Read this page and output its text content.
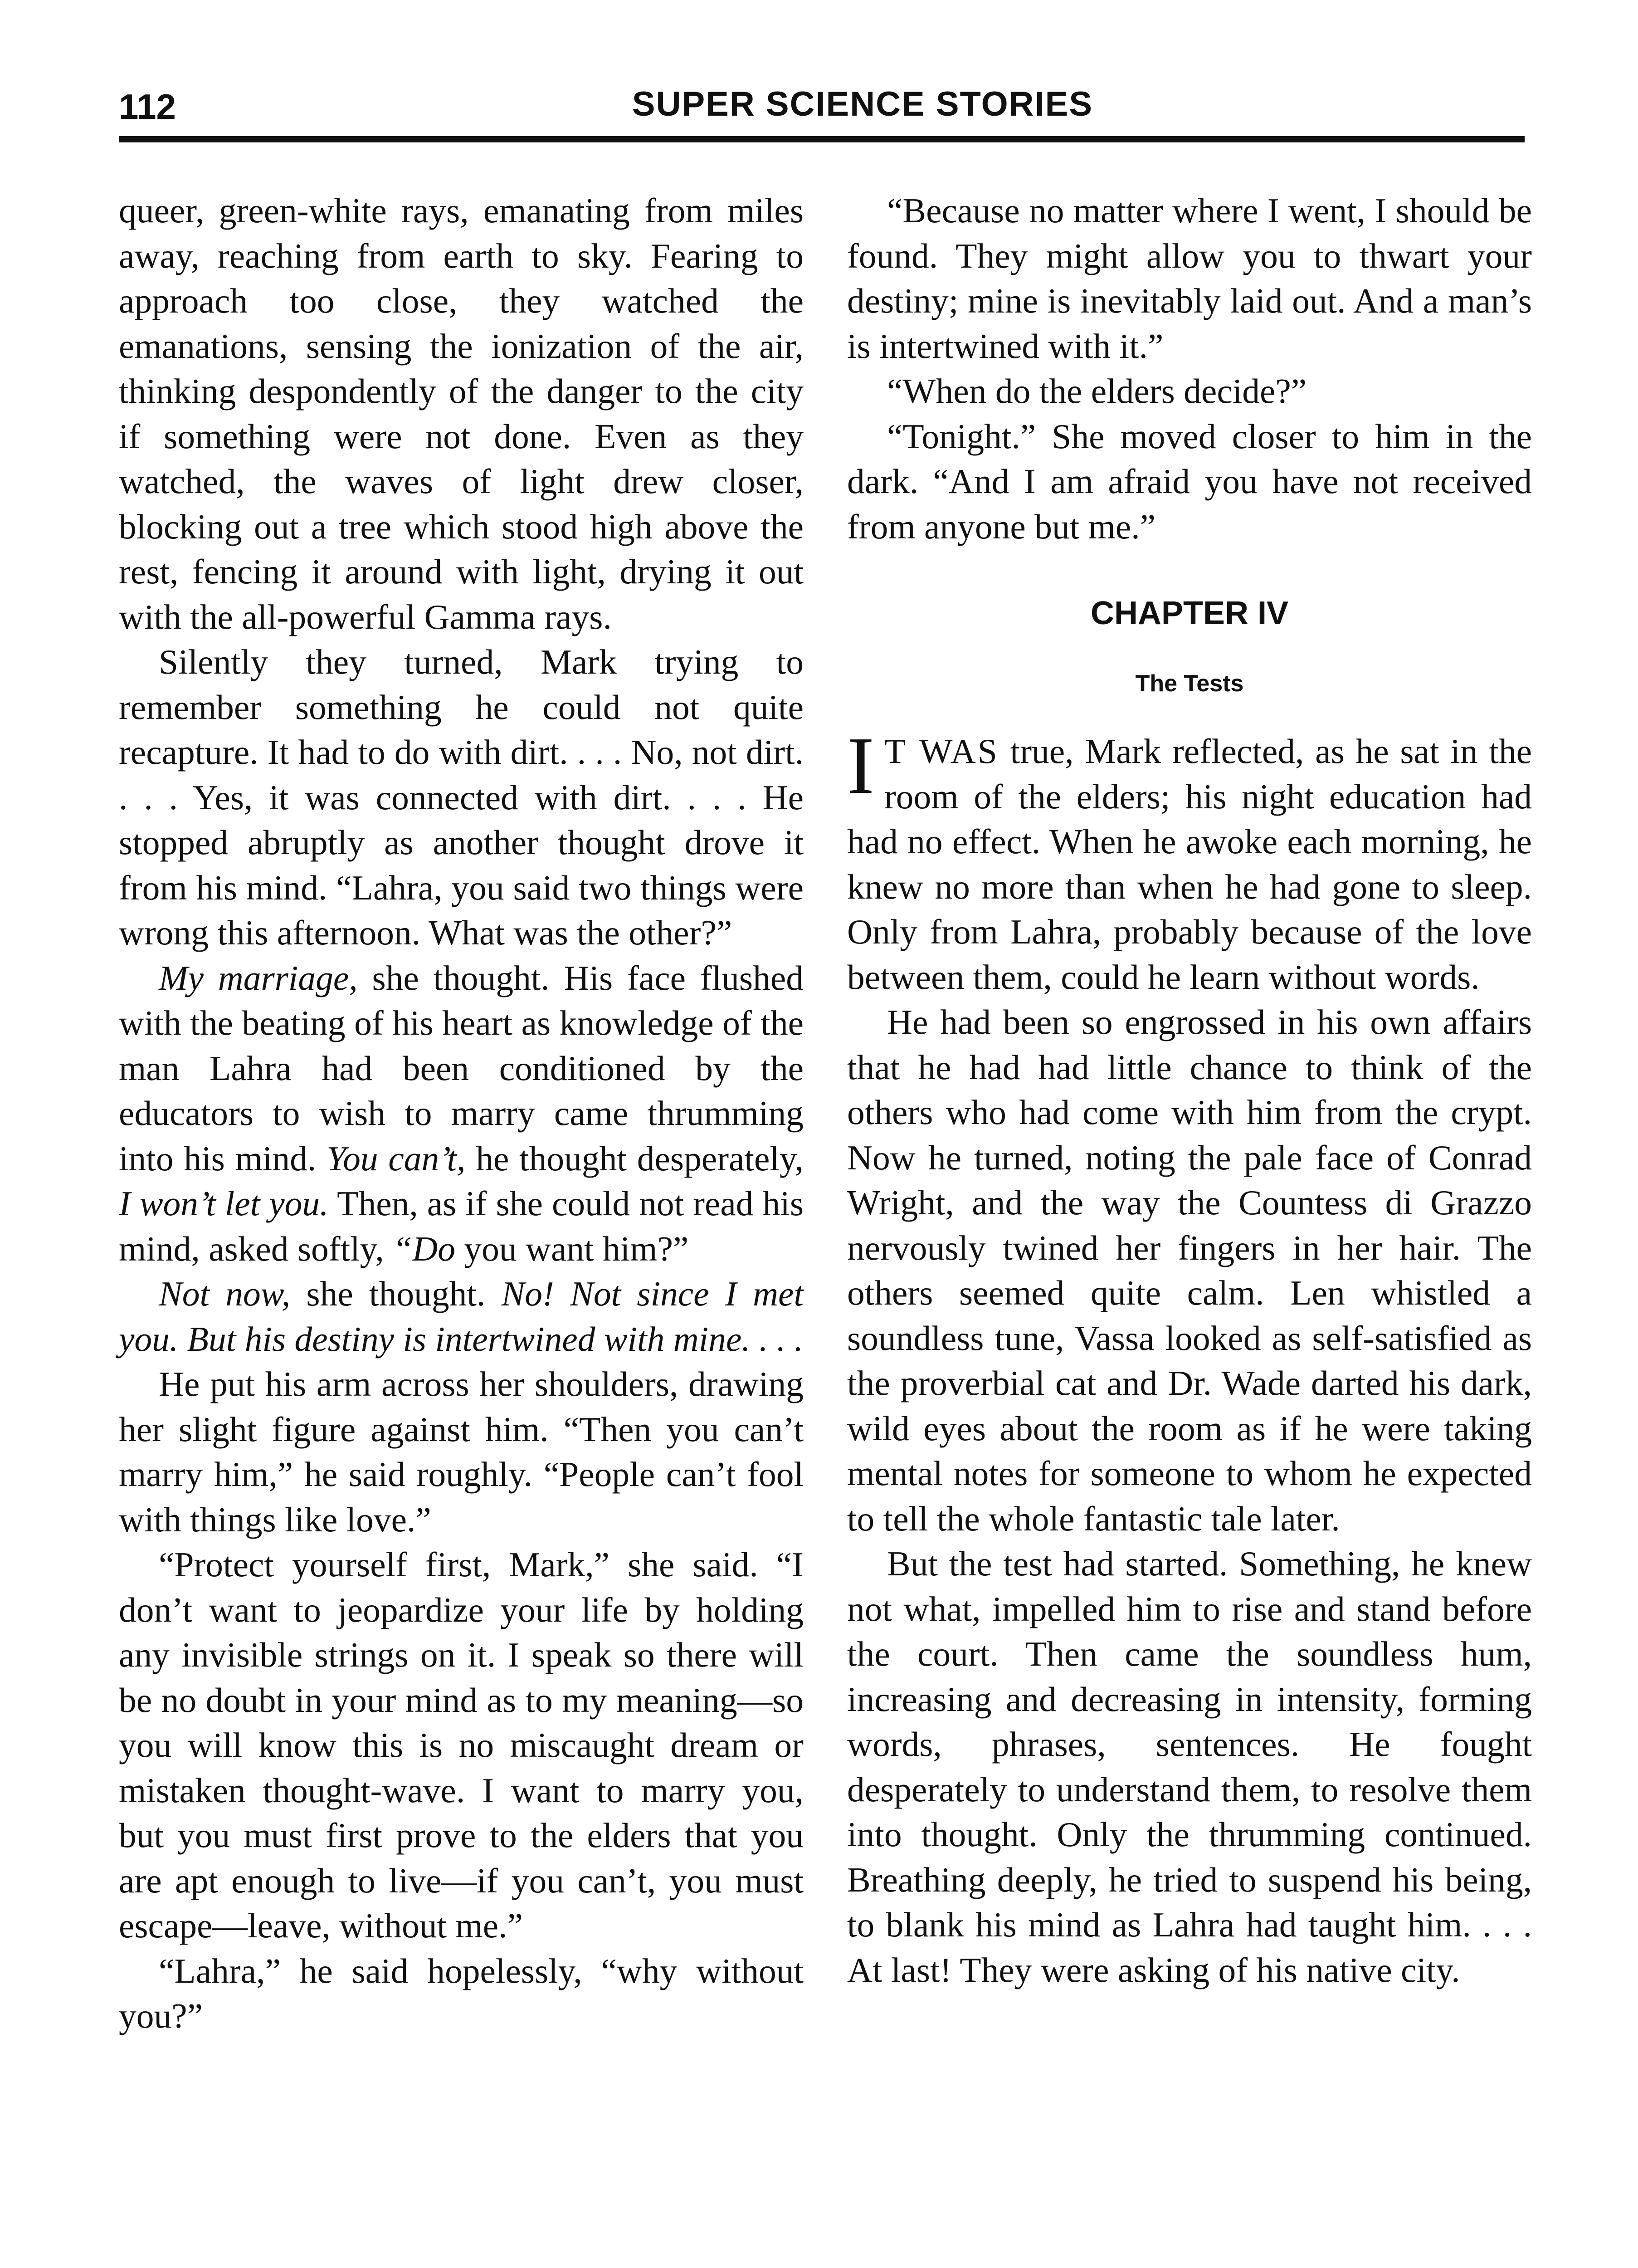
112	SUPER SCIENCE STORIES

queer, green-white rays, emanating from miles away, reaching from earth to sky. Fearing to approach too close, they watched the emanations, sensing the ionization of the air, thinking despondently of the danger to the city if something were not done. Even as they watched, the waves of light drew closer, blocking out a tree which stood high above the rest, fencing it around with light, drying it out with the all-powerful Gamma rays.

Silently they turned, Mark trying to remember something he could not quite recapture. It had to do with dirt. . . . No, not dirt. . . . Yes, it was connected with dirt. . . . He stopped abruptly as another thought drove it from his mind. “Lahra, you said two things were wrong this afternoon. What was the other?”

My marriage, she thought. His face flushed with the beating of his heart as knowledge of the man Lahra had been conditioned by the educators to wish to marry came thrumming into his mind. You can’t, he thought desperately, I won’t let you. Then, as if she could not read his mind, asked softly, “Do you want him?”

Not now, she thought. No! Not since I met you. But his destiny is intertwined with mine. . . .

He put his arm across her shoulders, drawing her slight figure against him. “Then you can’t marry him,” he said roughly. “People can’t fool with things like love.”

“Protect yourself first, Mark,” she said. “I don’t want to jeopardize your life by holding any invisible strings on it. I speak so there will be no doubt in your mind as to my meaning—so you will know this is no miscaught dream or mistaken thought-wave. I want to marry you, but you must first prove to the elders that you are apt enough to live—if you can’t, you must escape—leave, without me.”

“Lahra,” he said hopelessly, “why without you?”

“Because no matter where I went, I should be found. They might allow you to thwart your destiny; mine is inevitably laid out. And a man’s is intertwined with it.”

“When do the elders decide?”

“Tonight.” She moved closer to him in the dark. “And I am afraid you have not received from anyone but me.”

CHAPTER IV
The Tests

I T WAS true, Mark reflected, as he sat in the room of the elders; his night education had had no effect. When he awoke each morning, he knew no more than when he had gone to sleep. Only from Lahra, probably because of the love between them, could he learn without words.

He had been so engrossed in his own affairs that he had had little chance to think of the others who had come with him from the crypt. Now he turned, noting the pale face of Conrad Wright, and the way the Countess di Grazzo nervously twined her fingers in her hair. The others seemed quite calm. Len whistled a soundless tune, Vassa looked as self-satisfied as the proverbial cat and Dr. Wade darted his dark, wild eyes about the room as if he were taking mental notes for someone to whom he expected to tell the whole fantastic tale later.

But the test had started. Something, he knew not what, impelled him to rise and stand before the court. Then came the soundless hum, increasing and decreasing in intensity, forming words, phrases, sentences. He fought desperately to understand them, to resolve them into thought. Only the thrumming continued. Breathing deeply, he tried to suspend his being, to blank his mind as Lahra had taught him. . . . At last! They were asking of his native city.
